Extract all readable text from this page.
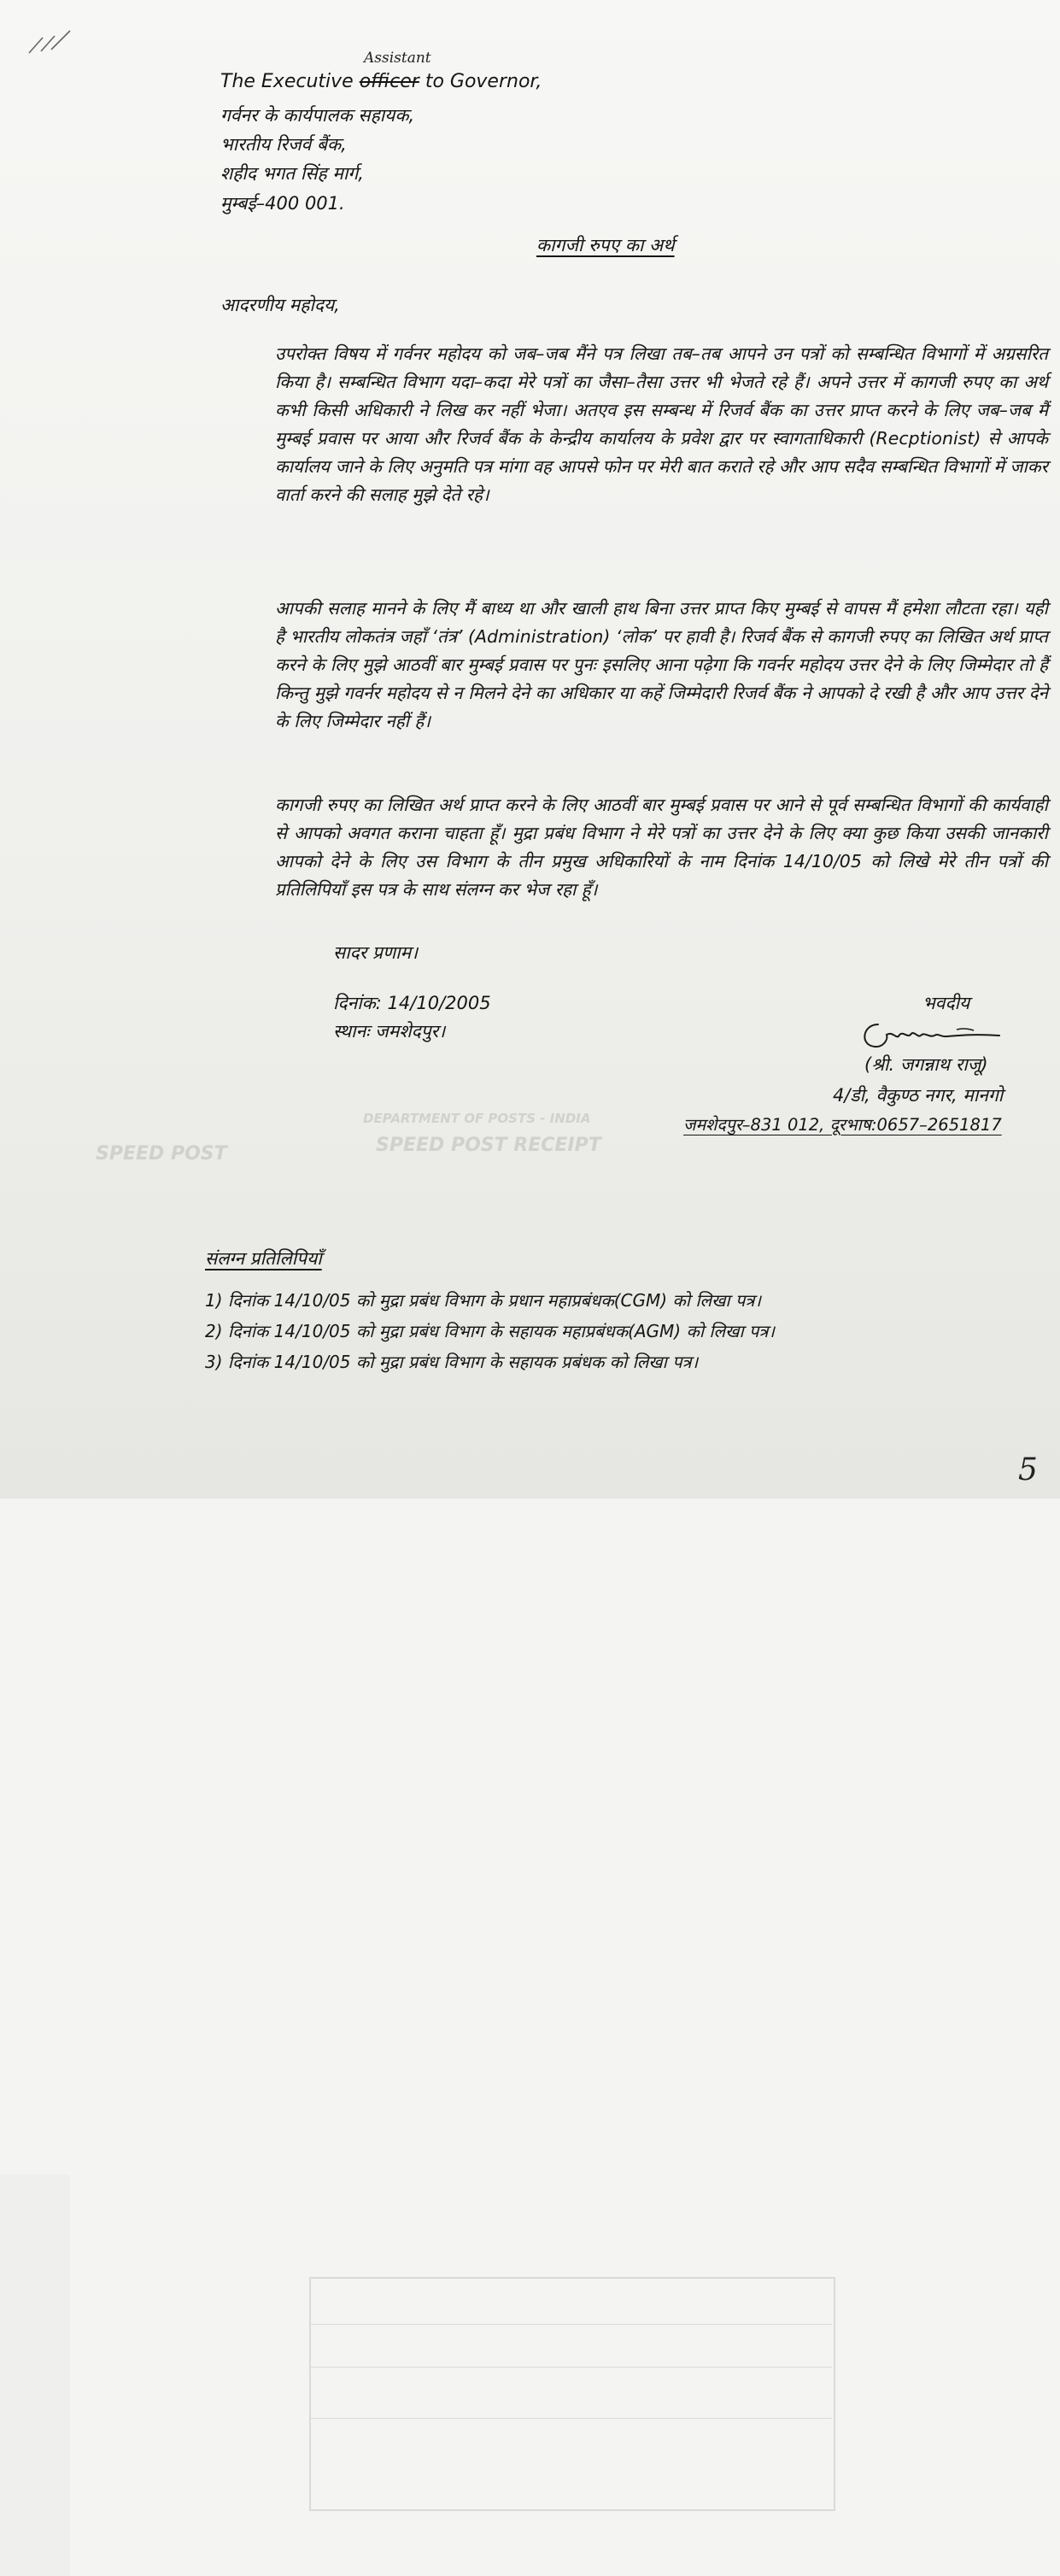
SPEED POST
DEPARTMENT OF POSTS - INDIA
SPEED POST RECEIPT
Assistant
The Executive officer to Governor,
गर्वनर के कार्यपालक सहायक,
भारतीय रिजर्व बैंक,
शहीद भगत सिंह मार्ग,
मुम्बई–400 001.
कागजी रुपए का अर्थ
आदरणीय महोदय,
उपरोक्त विषय में गर्वनर महोदय को जब–जब मैंने पत्र लिखा तब–तब आपने उन पत्रों को सम्बन्धित विभागों में अग्रसरित किया है। सम्बन्धित विभाग यदा–कदा मेरे पत्रों का जैसा–तैसा उत्तर भी भेजते रहे हैं। अपने उत्तर में कागजी रुपए का अर्थ कभी किसी अधिकारी ने लिख कर नहीं भेजा। अतएव इस सम्बन्ध में रिजर्व बैंक का उत्तर प्राप्त करने के लिए जब–जब मैं मुम्बई प्रवास पर आया और रिजर्व बैंक के केन्द्रीय कार्यालय के प्रवेश द्वार पर स्वागताधिकारी (Recptionist) से आपके कार्यालय जाने के लिए अनुमति पत्र मांगा वह आपसे फोन पर मेरी बात कराते रहे और आप सदैव सम्बन्धित विभागों में जाकर वार्ता करने की सलाह मुझे देते रहे।
आपकी सलाह मानने के लिए मैं बाध्य था और खाली हाथ बिना उत्तर प्राप्त किए मुम्बई से वापस मैं हमेशा लौटता रहा। यही है भारतीय लोकतंत्र जहाँ ‘तंत्र’ (Administration) ‘लोक’ पर हावी है। रिजर्व बैंक से कागजी रुपए का लिखित अर्थ प्राप्त करने के लिए मुझे आठवीं बार मुम्बई प्रवास पर पुनः इसलिए आना पढ़ेगा कि गवर्नर महोदय उत्तर देने के लिए जिम्मेदार तो हैं किन्तु मुझे गवर्नर महोदय से न मिलने देने का अधिकार या कहें जिम्मेदारी रिजर्व बैंक ने आपको दे रखी है और आप उत्तर देने के लिए जिम्मेदार नहीं हैं।
कागजी रुपए का लिखित अर्थ प्राप्त करने के लिए आठवीं बार मुम्बई प्रवास पर आने से पूर्व सम्बन्धित विभागों की कार्यवाही से आपको अवगत कराना चाहता हूँ। मुद्रा प्रबंध विभाग ने मेरे पत्रों का उत्तर देने के लिए क्या कुछ किया उसकी जानकारी आपको देने के लिए उस विभाग के तीन प्रमुख अधिकारियों के नाम दिनांक 14/10/05 को लिखे मेरे तीन पत्रों की प्रतिलिपियाँ इस पत्र के साथ संलग्न कर भेज रहा हूँ।
सादर प्रणाम।
दिनांक: 14/10/2005
स्थानः जमशेदपुर।
भवदीय
(श्री. जगन्नाथ राजू)
4/डी, वैकुण्ठ नगर, मानगो
जमशेदपुर–831 012, दूरभाष:0657–2651817
संलग्न प्रतिलिपियाँ
1) दिनांक 14/10/05 को मुद्रा प्रबंध विभाग के प्रधान महाप्रबंधक(CGM) को लिखा पत्र।
2) दिनांक 14/10/05 को मुद्रा प्रबंध विभाग के सहायक महाप्रबंधक(AGM) को लिखा पत्र।
3) दिनांक 14/10/05 को मुद्रा प्रबंध विभाग के सहायक प्रबंधक को लिखा पत्र।
5
